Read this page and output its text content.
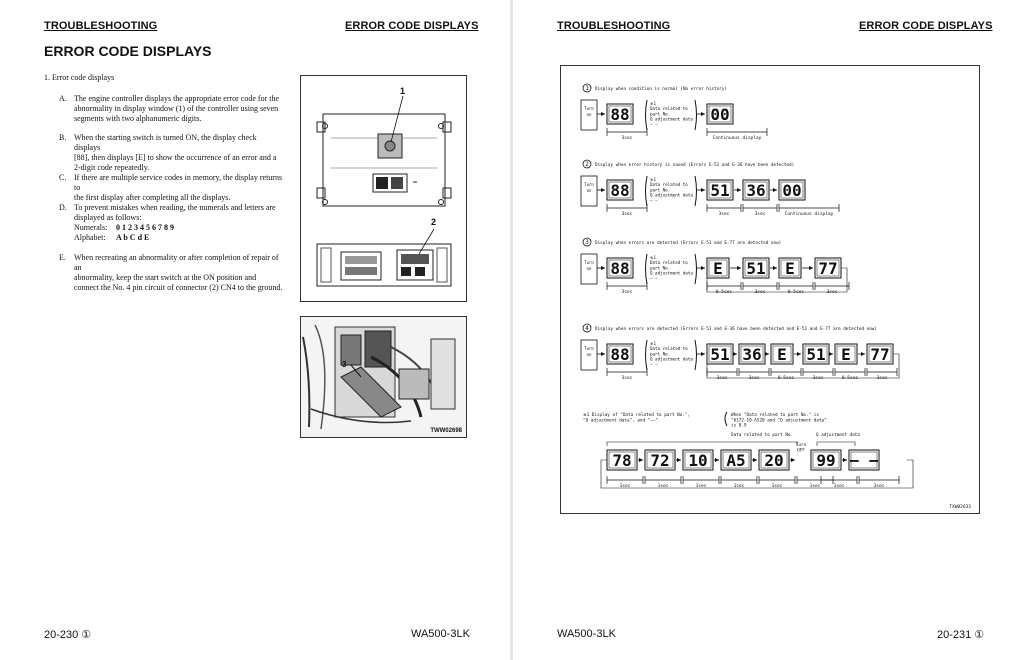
TROUBLESHOOTING	ERROR CODE DISPLAYS
ERROR CODE DISPLAYS
1. Error code displays
A. The engine controller displays the appropriate error code for the
abnormality in display window (1) of the controller using seven
segments with two alphanumeric digits.
B. When the starting switch is turned ON, the display check displays
[88], then displays [E] to show the occurrence of an error and a
2-digit code repeatedly.
C. If there are multiple service codes in memory, the display returns to
the first display after completing all the displays.
D. To prevent mistakes when reading, the numerals and letters are
displayed as follows:
Numerals: 0 1 2 3 4 5 6 7 8 9
Alphabet: A b C d E
E. When recreating an abnormality or after completion of repair of an
abnormality, keep the start switch at the ON position and
connect the No. 4 pin circuit of connector (2) CN4 to the ground.
1
2
3
TWW02698
20-230 ①	WA500-3LK
TROUBLESHOOTING	ERROR CODE DISPLAYS
1 Display when condition is normal (No error history)
Turn
on 88
※1
Data related to
part No.
Q adjustment data
− −
3sec
00
Continuous display
2 Display when error history is saved (Errors E-51 and E-36 have been detected)
Turn
on 88
※1
Data related to
part No.
Q adjustment data
− −
3sec
51
3sec
36
3sec
00
Continuous display
3 Display when errors are detected (Errors E-51 and E-77 are detected now)
Turn
on 88
※1
Data related to
part No.
Q adjustment data
− −
3sec
E
0.5sec
51
3sec
E
0.5sec
77
3sec
4 Display when errors are detected (Errors E-51 and E-36 have been detected and E-51 and E-77 are detected now)
Turn
on 88
※1
Data related to
part No.
Q adjustment data
− −
3sec
51
3sec
36
3sec
E
0.5sec
51
3sec
E
0.5sec
77
3sec
※1 Display of "Data related to part No.",
"Q adjustment data", and "−−"
When "Data related to part No." is
"6172-10-A520 and "Q adjustment data"
is 0.9
Data related to part No.	Q adjustment data
78 72 10 A5 20
Turn
OFF
99 − −
1sec	1sec	1sec	1sec	1sec	1sec	1sec	3sec
TXW02633
WA500-3LK	20-231 ①
